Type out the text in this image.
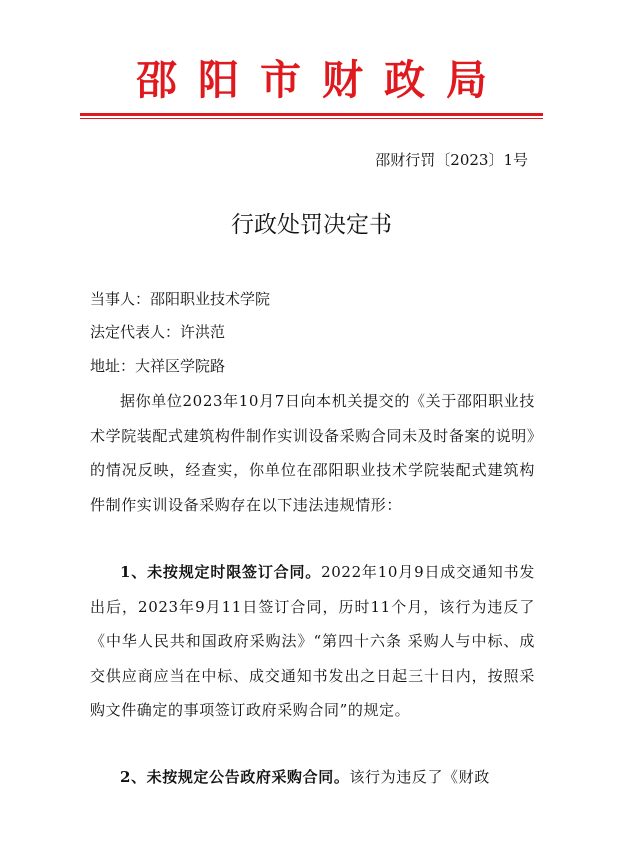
邵阳市财政局
邵财行罚〔2023〕1号
行政处罚决定书
当事人：邵阳职业技术学院
法定代表人：许洪范
地址：大祥区学院路
据你单位2023年10月7日向本机关提交的《关于邵阳职业技术学院装配式建筑构件制作实训设备采购合同未及时备案的说明》的情况反映，经查实，你单位在邵阳职业技术学院装配式建筑构件制作实训设备采购存在以下违法违规情形：
1、未按规定时限签订合同。2022年10月9日成交通知书发出后，2023年9月11日签订合同，历时11个月，该行为违反了《中华人民共和国政府采购法》“第四十六条 采购人与中标、成交供应商应当在中标、成交通知书发出之日起三十日内，按照采购文件确定的事项签订政府采购合同”的规定。
2、未按规定公告政府采购合同。该行为违反了《财政
